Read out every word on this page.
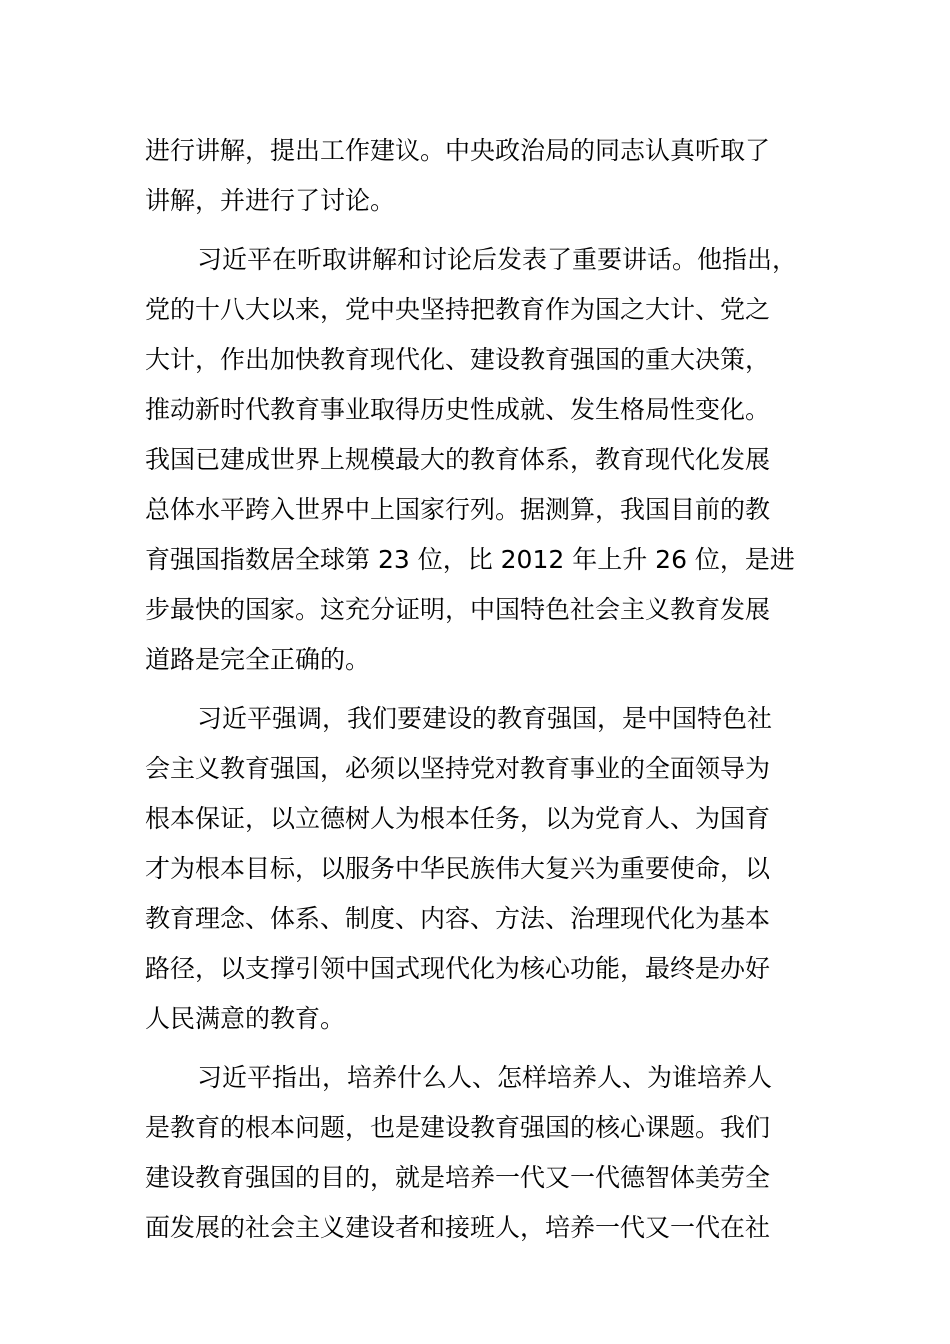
进行讲解，提出工作建议。中央政治局的同志认真听取了
讲解，并进行了讨论。
习近平在听取讲解和讨论后发表了重要讲话。他指出，
党的十八大以来，党中央坚持把教育作为国之大计、党之
大计，作出加快教育现代化、建设教育强国的重大决策，
推动新时代教育事业取得历史性成就、发生格局性变化。
我国已建成世界上规模最大的教育体系，教育现代化发展
总体水平跨入世界中上国家行列。据测算，我国目前的教
育强国指数居全球第 23 位，比 2012 年上升 26 位，是进
步最快的国家。这充分证明，中国特色社会主义教育发展
道路是完全正确的。
习近平强调，我们要建设的教育强国，是中国特色社
会主义教育强国，必须以坚持党对教育事业的全面领导为
根本保证，以立德树人为根本任务，以为党育人、为国育
才为根本目标，以服务中华民族伟大复兴为重要使命，以
教育理念、体系、制度、内容、方法、治理现代化为基本
路径，以支撑引领中国式现代化为核心功能，最终是办好
人民满意的教育。
习近平指出，培养什么人、怎样培养人、为谁培养人
是教育的根本问题，也是建设教育强国的核心课题。我们
建设教育强国的目的，就是培养一代又一代德智体美劳全
面发展的社会主义建设者和接班人，培养一代又一代在社
